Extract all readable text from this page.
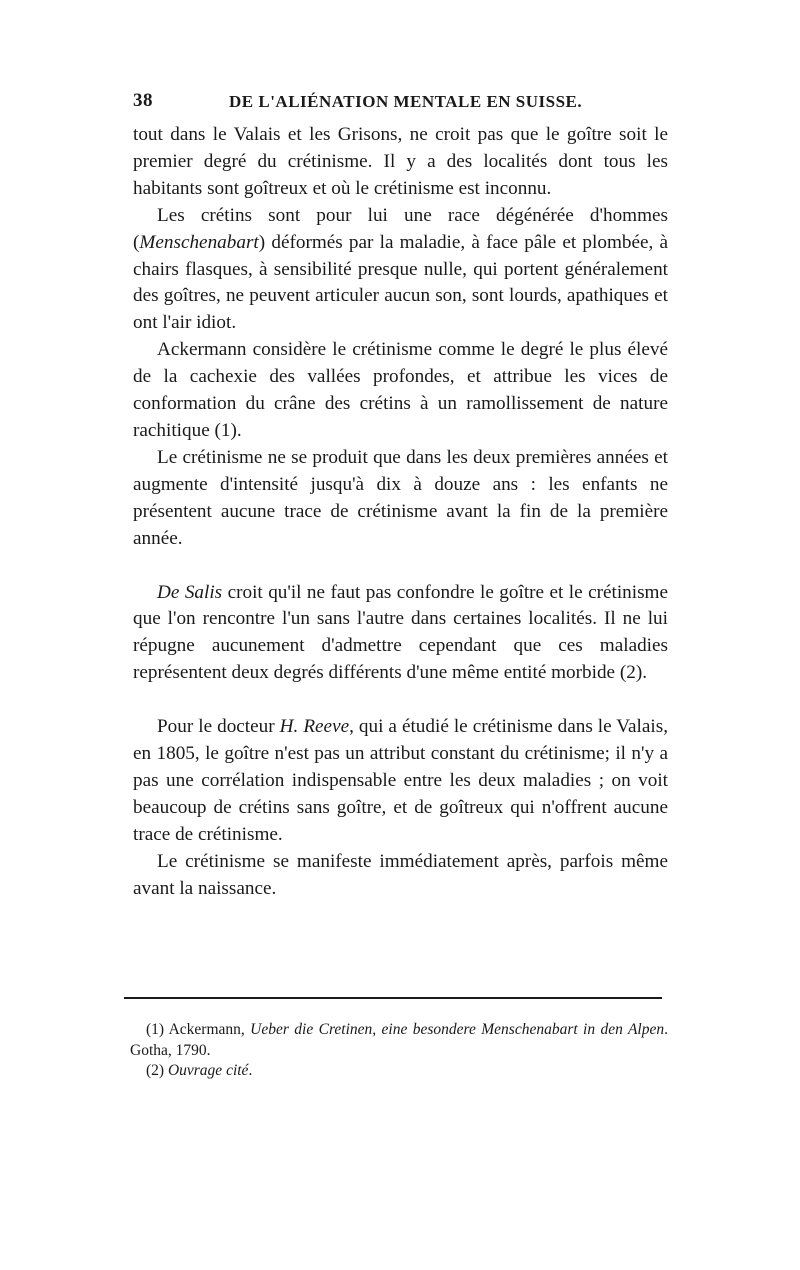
38	DE L'ALIÉNATION MENTALE EN SUISSE.

tout dans le Valais et les Grisons, ne croit pas que le goître soit le premier degré du crétinisme. Il y a des localités dont tous les habitants sont goîtreux et où le crétinisme est inconnu.

Les crétins sont pour lui une race dégénérée d'hommes (Menschenabart) déformés par la maladie, à face pâle et plombée, à chairs flasques, à sensibilité presque nulle, qui portent généralement des goîtres, ne peuvent articuler aucun son, sont lourds, apathiques et ont l'air idiot.

Ackermann considère le crétinisme comme le degré le plus élevé de la cachexie des vallées profondes, et attribue les vices de conformation du crâne des crétins à un ramollissement de nature rachitique (1).

Le crétinisme ne se produit que dans les deux premières années et augmente d'intensité jusqu'à dix à douze ans : les enfants ne présentent aucune trace de crétinisme avant la fin de la première année.

De Salis croit qu'il ne faut pas confondre le goître et le crétinisme que l'on rencontre l'un sans l'autre dans certaines localités. Il ne lui répugne aucunement d'admettre cependant que ces maladies représentent deux degrés différents d'une même entité morbide (2).

Pour le docteur H. Reeve, qui a étudié le crétinisme dans le Valais, en 1805, le goître n'est pas un attribut constant du crétinisme; il n'y a pas une corrélation indispensable entre les deux maladies ; on voit beaucoup de crétins sans goître, et de goîtreux qui n'offrent aucune trace de crétinisme.

Le crétinisme se manifeste immédiatement après, parfois même avant la naissance.

(1) Ackermann, Ueber die Cretinen, eine besondere Menschenabart in den Alpen. Gotha, 1790.

(2) Ouvrage cité.
